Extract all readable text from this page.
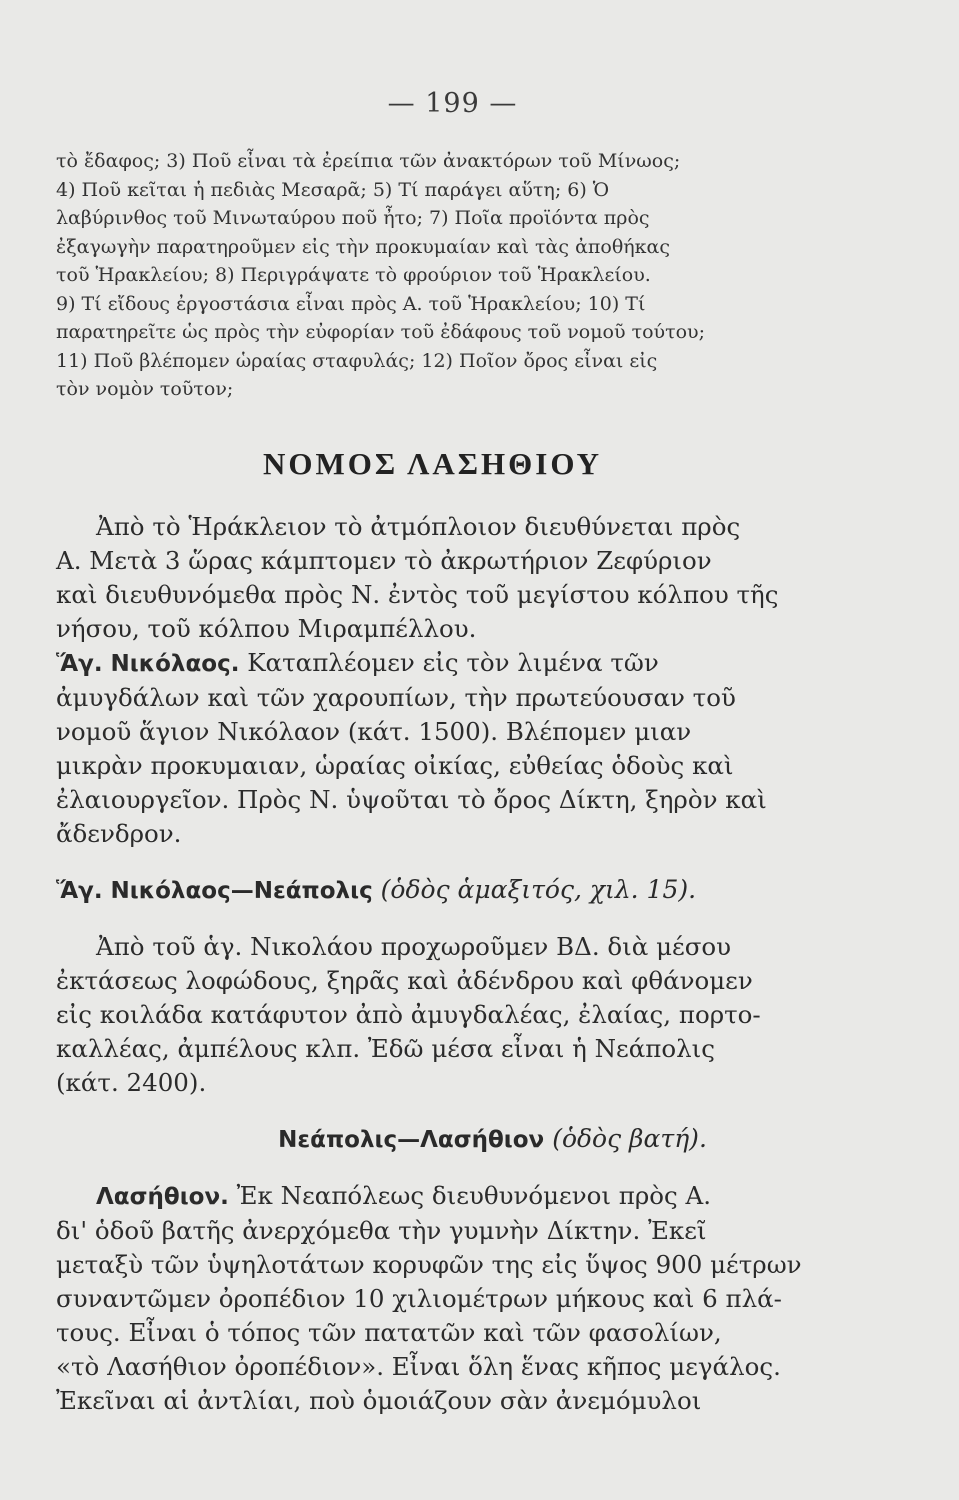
— 199 —

τὸ ἔδαφος; 3) Ποῦ εἶναι τὰ ἐρείπια τῶν ἀνακτόρων τοῦ Μίνωος;

4) Ποῦ κεῖται ἡ πεδιὰς Μεσαρᾶ; 5) Τί παράγει αὕτη; 6) Ὁ

λαβύρινθος τοῦ Μινωταύρου ποῦ ἦτο; 7) Ποῖα προϊόντα πρὸς

ἐξαγωγὴν παρατηροῦμεν εἰς τὴν προκυμαίαν καὶ τὰς ἀποθήκας

τοῦ Ἡρακλείου; 8) Περιγράψατε τὸ φρούριον τοῦ Ἡρακλείου.

9) Τί εἴδους ἐργοστάσια εἶναι πρὸς Α. τοῦ Ἡρακλείου; 10) Τί

παρατηρεῖτε ὡς πρὸς τὴν εὐφορίαν τοῦ ἐδάφους τοῦ νομοῦ τούτου;

11) Ποῦ βλέπομεν ὡραίας σταφυλάς; 12) Ποῖον ὄρος εἶναι εἰς

τὸν νομὸν τοῦτον;

ΝΟΜΟΣ ΛΑΣΗΘΙΟΥ

Ἀπὸ τὸ Ἡράκλειον τὸ ἀτμόπλοιον διευθύνεται πρὸς

Α. Μετὰ 3 ὥρας κάμπτομεν τὸ ἀκρωτήριον Ζεφύριον

καὶ διευθυνόμεθα πρὸς Ν. ἐντὸς τοῦ μεγίστου κόλπου τῆς

νήσου, τοῦ κόλπου Μιραμπέλλου.

Ἅγ. Νικόλαος. Καταπλέομεν εἰς τὸν λιμένα τῶν

ἀμυγδάλων καὶ τῶν χαρουπίων, τὴν πρωτεύουσαν τοῦ

νομοῦ ἅγιον Νικόλαον (κάτ. 1500). Βλέπομεν μιαν

μικρὰν προκυμαιαν, ὡραίας οἰκίας, εὐθείας ὁδοὺς καὶ

ἐλαιουργεῖον. Πρὸς Ν. ὑψοῦται τὸ ὄρος Δίκτη, ξηρὸν καὶ

ἄδενδρον.

Ἅγ. Νικόλαος—Νεάπολις (ὁδὸς ἁμαξιτός, χιλ. 15).

Ἀπὸ τοῦ ἁγ. Νικολάου προχωροῦμεν ΒΔ. διὰ μέσου

ἐκτάσεως λοφώδους, ξηρᾶς καὶ ἀδένδρου καὶ φθάνομεν

εἰς κοιλάδα κατάφυτον ἀπὸ ἀμυγδαλέας, ἐλαίας, πορτο-

καλλέας, ἀμπέλους κλπ. Ἐδῶ μέσα εἶναι ἡ Νεάπολις

(κάτ. 2400).

Νεάπολις—Λασήθιον (ὁδὸς βατή).

Λασήθιον. Ἐκ Νεαπόλεως διευθυνόμενοι πρὸς Α.

δι' ὁδοῦ βατῆς ἀνερχόμεθα τὴν γυμνὴν Δίκτην. Ἐκεῖ

μεταξὺ τῶν ὑψηλοτάτων κορυφῶν της εἰς ὕψος 900 μέτρων

συναντῶμεν ὀροπέδιον 10 χιλιομέτρων μήκους καὶ 6 πλά-

τους. Εἶναι ὁ τόπος τῶν πατατῶν καὶ τῶν φασολίων,

«τὸ Λασήθιον ὀροπέδιον». Εἶναι ὅλη ἕνας κῆπος μεγάλος.

Ἐκεῖναι αἱ ἀντλίαι, ποὺ ὁμοιάζουν σὰν ἀνεμόμυλοι
